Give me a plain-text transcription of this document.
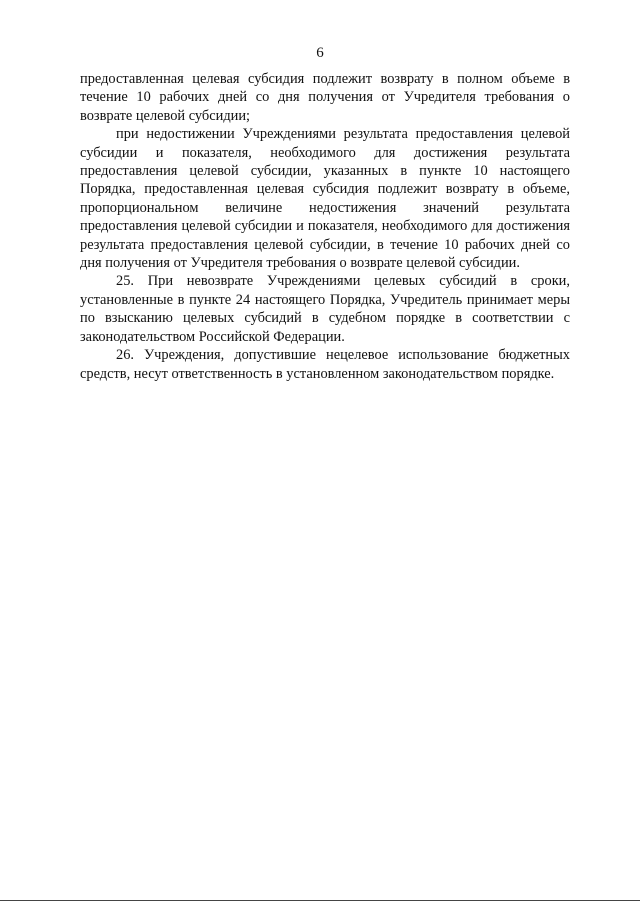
6

предоставленная целевая субсидия подлежит возврату в полном объеме в течение 10 рабочих дней со дня получения от Учредителя требования о возврате целевой субсидии;

при недостижении Учреждениями результата предоставления целевой субсидии и показателя, необходимого для достижения результата предоставления целевой субсидии, указанных в пункте 10 настоящего Порядка, предоставленная целевая субсидия подлежит возврату в объеме, пропорциональном величине недостижения значений результата предоставления целевой субсидии и показателя, необходимого для достижения результата предоставления целевой субсидии, в течение 10 рабочих дней со дня получения от Учредителя требования о возврате целевой субсидии.

25. При невозврате Учреждениями целевых субсидий в сроки, установленные в пункте 24 настоящего Порядка, Учредитель принимает меры по взысканию целевых субсидий в судебном порядке в соответствии с законодательством Российской Федерации.

26. Учреждения, допустившие нецелевое использование бюджетных средств, несут ответственность в установленном законодательством порядке.
